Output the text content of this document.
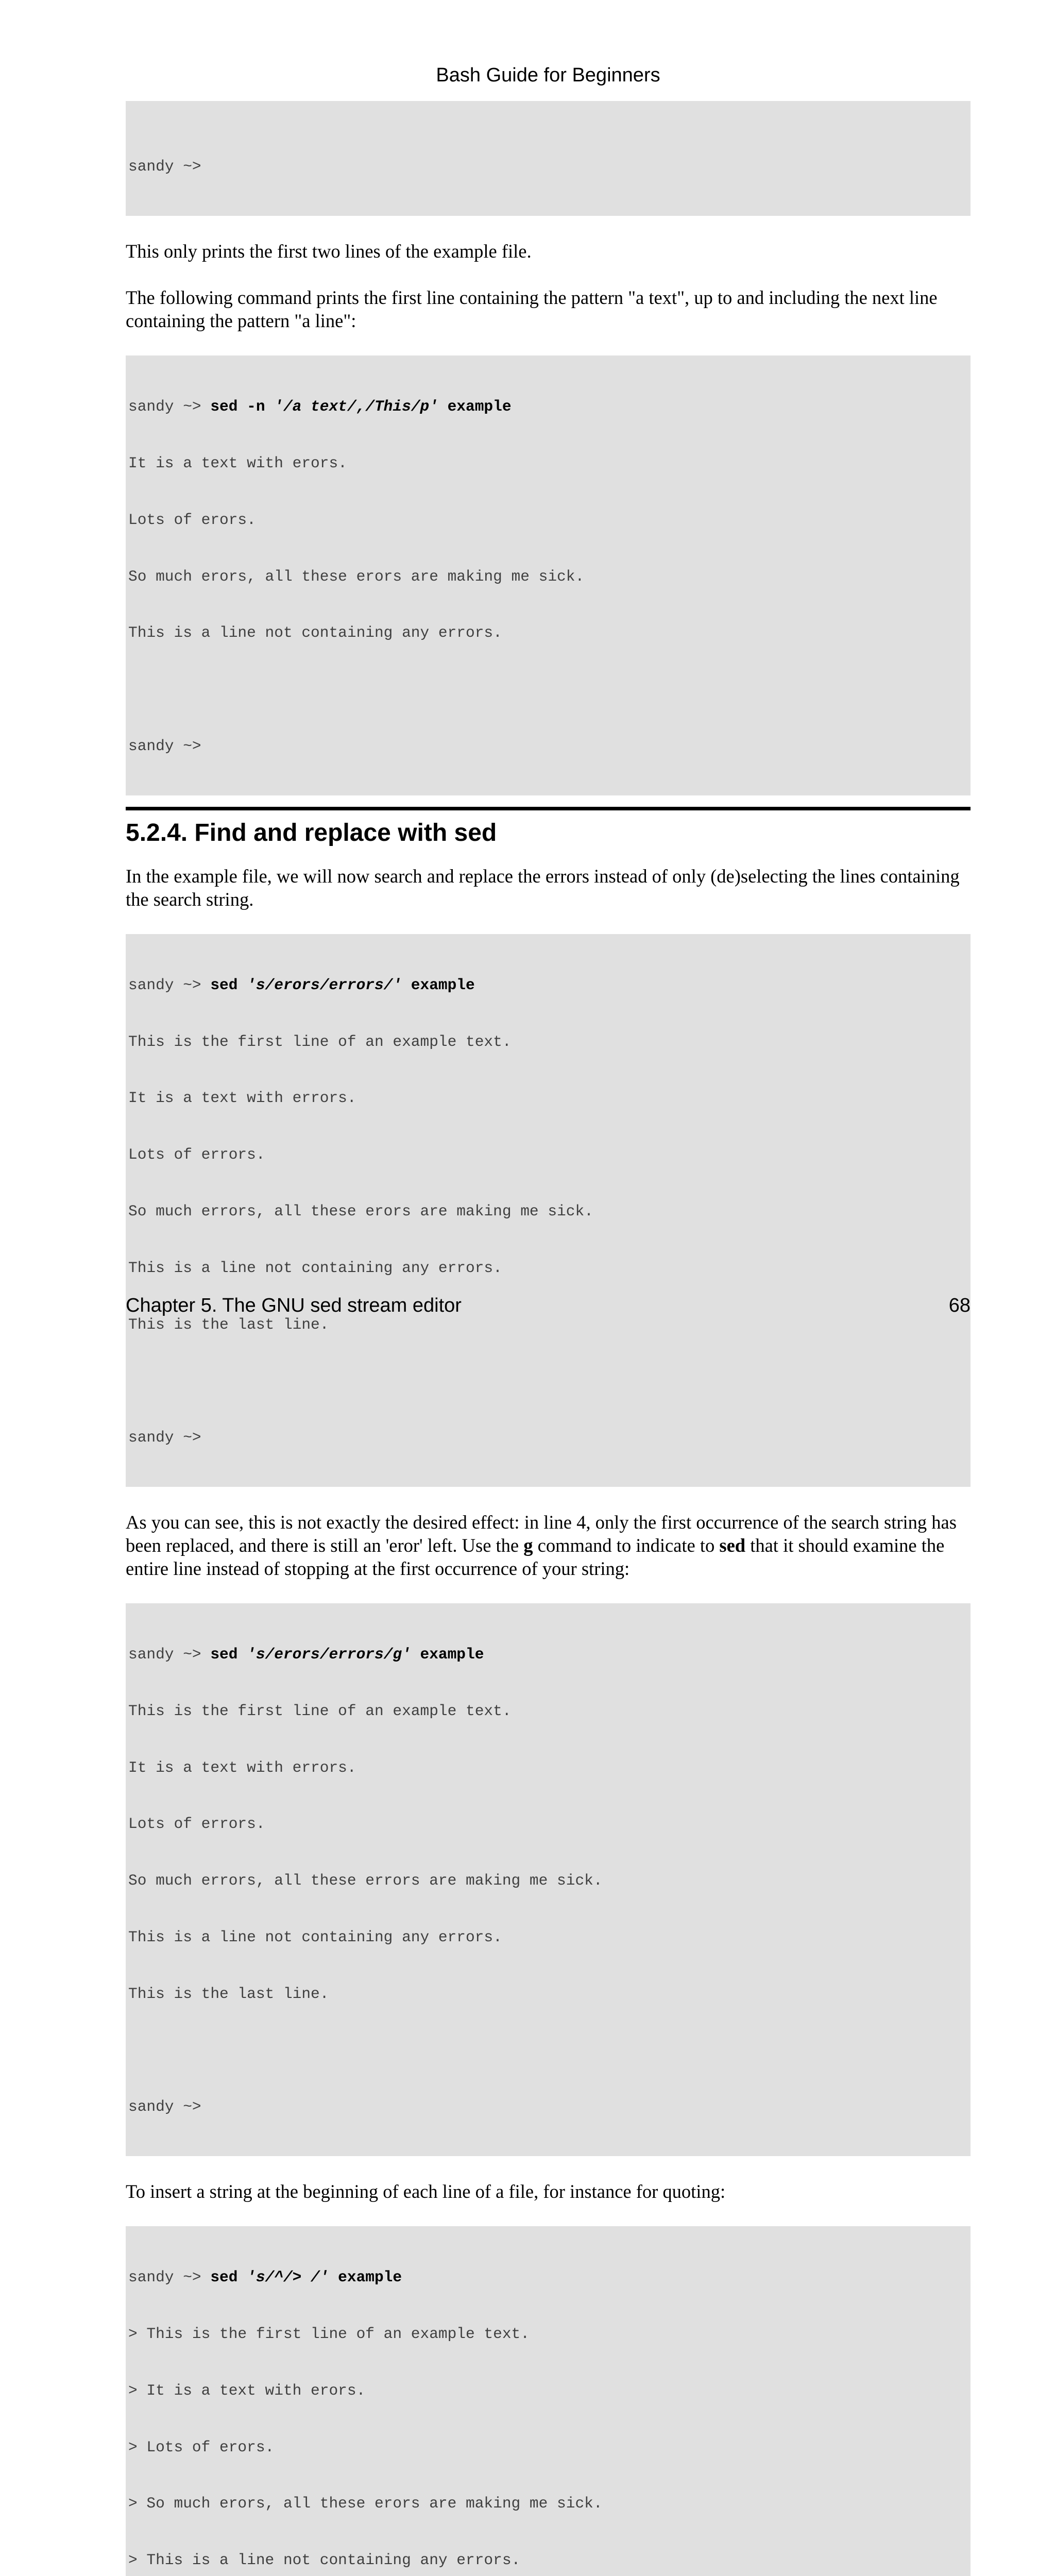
Bash Guide for Beginners

sandy ~>

This only prints the first two lines of the example file.

The following command prints the first line containing the pattern "a text", up to and including the next line containing the pattern "a line":

sandy ~> sed -n '/a text/,/This/p' example

It is a text with erors.

Lots of erors.

So much erors, all these erors are making me sick.

This is a line not containing any errors.

sandy ~>

5.2.4. Find and replace with sed

In the example file, we will now search and replace the errors instead of only (de)selecting the lines containing the search string.

sandy ~> sed 's/erors/errors/' example

This is the first line of an example text.

It is a text with errors.

Lots of errors.

So much errors, all these erors are making me sick.

This is a line not containing any errors.

This is the last line.

sandy ~>

As you can see, this is not exactly the desired effect: in line 4, only the first occurrence of the search string has been replaced, and there is still an 'eror' left. Use the g command to indicate to sed that it should examine the entire line instead of stopping at the first occurrence of your string:

sandy ~> sed 's/erors/errors/g' example

This is the first line of an example text.

It is a text with errors.

Lots of errors.

So much errors, all these errors are making me sick.

This is a line not containing any errors.

This is the last line.

sandy ~>

To insert a string at the beginning of each line of a file, for instance for quoting:

sandy ~> sed 's/^/> /' example

> This is the first line of an example text.

> It is a text with erors.

> Lots of erors.

> So much erors, all these erors are making me sick.

> This is a line not containing any errors.

Chapter 5. The GNU sed stream editor	68
